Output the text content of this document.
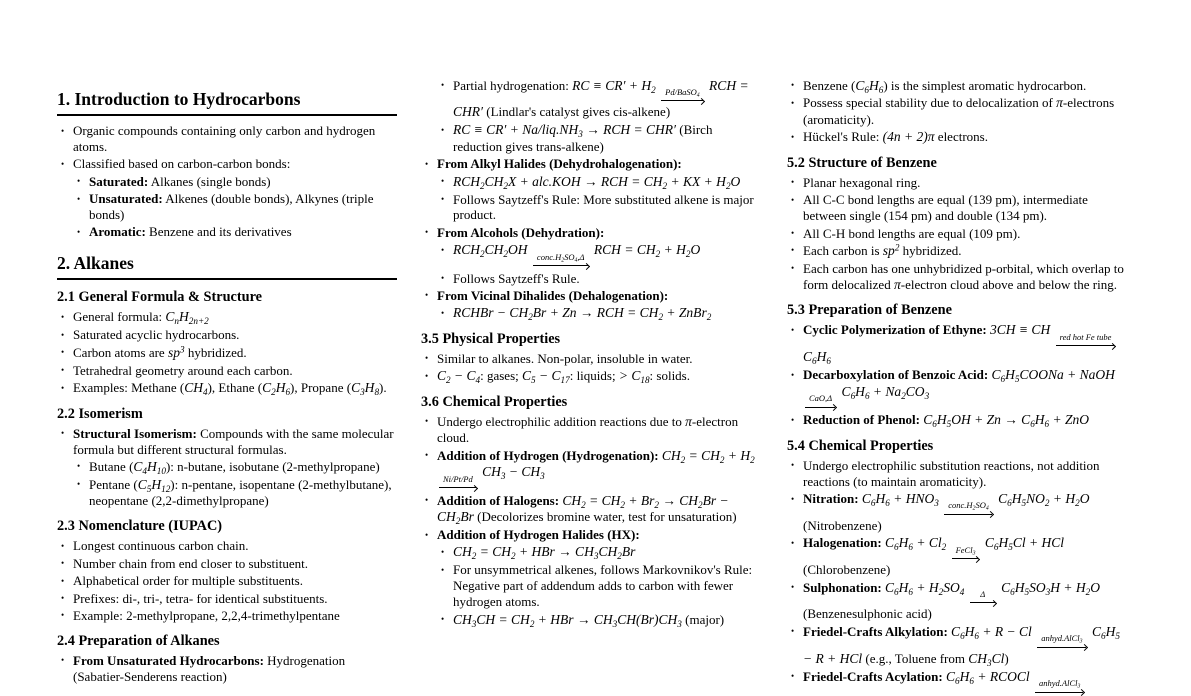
1. Introduction to Hydrocarbons
• Organic compounds containing only carbon and hydrogen atoms.
• Classified based on carbon-carbon bonds:
• Saturated: Alkanes (single bonds)
• Unsaturated: Alkenes (double bonds), Alkynes (triple bonds)
• Aromatic: Benzene and its derivatives
2. Alkanes
2.1 General Formula & Structure
• General formula: $C_nH_{2n+2}$
• Saturated acyclic hydrocarbons.
• Carbon atoms are $sp^3$ hybridized.
• Tetrahedral geometry around each carbon.
• Examples: Methane $(CH_4)$, Ethane $(C_2H_6)$, Propane $(C_3H_8)$.
2.2 Isomerism
• Structural Isomerism: Compounds with the same molecular formula but different structural formulas.
• Butane $(C_4H_{10})$: n-butane, isobutane (2-methylpropane)
• Pentane $(C_5H_{12})$: n-pentane, isopentane (2-methylbutane), neopentane (2,2-dimethylpropane)
2.3 Nomenclature (IUPAC)
• Longest continuous carbon chain.
• Number chain from end closer to substituent.
• Alphabetical order for multiple substituents.
• Prefixes: di-, tri-, tetra- for identical substituents.
• Example: 2-methylpropane, 2,2,4-trimethylpentane
2.4 Preparation of Alkanes
• From Unsaturated Hydrocarbons: Hydrogenation (Sabatier-Senderens reaction)
• Partial hydrogenation: RC ≡ $CR' + H_2$	Pd/BaSO$_4$
RCH = CHR′ (Lindlar's catalyst gives cis-alkene)
• RC ≡ $CR' + Na/liq.NH_3$ → RCH = CHR′ (Birch reduction gives trans-alkene)
• From Alkyl Halides (Dehydrohalogenation):
• $RCH_2CH_2X + alc.KOH$ → RCH = $CH_2$ + KX + $H_2O$
• Follows Saytzeff's Rule: More substituted alkene is major product.
• From Alcohols (Dehydration):
• $RCH_2CH_2OH$ $conc.H_2SO_4,\Delta$ RCH = $CH_2 + H_2O$
• Follows Saytzeff's Rule.
• From Vicinal Dihalides (Dehalogenation):
• RCHBr − $CH_2Br + Zn$ → RCH = $CH_2$ + ZnBr$_2$
3.5 Physical Properties
• Similar to alkanes. Non-polar, insoluble in water.
• $C_2 - C_4$: gases; $C_5 - C_{17}$: liquids; > $C_{18}$: solids.
3.6 Chemical Properties
• Undergo electrophilic addition reactions due to π-electron cloud.
• Addition of Hydrogen (Hydrogenation): $CH_2 = CH_2 + H_2$
Ni/Pt/Pd $CH_3 - CH_3$
• Addition of Halogens: $CH_2 = CH_2 + Br_2 \to CH_2Br - CH_2Br$ (Decolorizes bromine water, test for unsaturation)
• Addition of Hydrogen Halides (HX):
• $CH_2 = CH_2$ + HBr → $CH_3CH_2Br$
• For unsymmetrical alkenes, follows Markovnikov's Rule: Negative part of addendum adds to carbon with fewer hydrogen atoms.
• $CH_3CH = CH_2$ + HBr → $CH_3CH(Br)CH_3$ (major)
• Benzene $(C_6H_6)$ is the simplest aromatic hydrocarbon.
• Possess special stability due to delocalization of π-electrons (aromaticity).
• Hückel's Rule: (4n + 2)π electrons.
5.2 Structure of Benzene
• Planar hexagonal ring.
• All C-C bond lengths are equal (139 pm), intermediate between single (154 pm) and double (134 pm).
• All C-H bond lengths are equal (109 pm).
• Each carbon is $sp^2$ hybridized.
• Each carbon has one unhybridized p-orbital, which overlap to form delocalized π-electron cloud above and below the ring.
5.3 Preparation of Benzene
• Cyclic Polymerization of Ethyne: 3CH ≡ CH red hot Fe tube
$C_6H_6$
• Decarboxylation of Benzoic Acid: $C_6H_5COONa$ + NaOH
CaO,Δ $C_6H_6 + Na_2CO_3$
• Reduction of Phenol: $C_6H_5OH + Zn \to C_6H_6$ + ZnO
5.4 Chemical Properties
• Undergo electrophilic substitution reactions, not addition reactions (to maintain aromaticity).
• Nitration: $C_6H_6 + HNO_3$	$conc.H_2SO_4$
$C_6H_5NO_2 + H_2O$ (Nitrobenzene)
• Halogenation: $C_6H_6 + Cl_2$	FeCl$_3$
$C_6H_5Cl$ + HCl (Chlorobenzene)
• Sulphonation: $C_6H_6 + H_2SO_4$	Δ $C_6H_5SO_3H + H_2O$ (Benzenesulphonic acid)
• Friedel-Crafts Alkylation: $C_6H_6 + R - Cl$ anhyd.AlCl$_3$
$C_6H_5 - R$ + HCl (e.g., Toluene from $CH_3Cl$)
• Friedel-Crafts Acylation: $C_6H_6$ + RCOCl anhyd.AlCl$_3$
